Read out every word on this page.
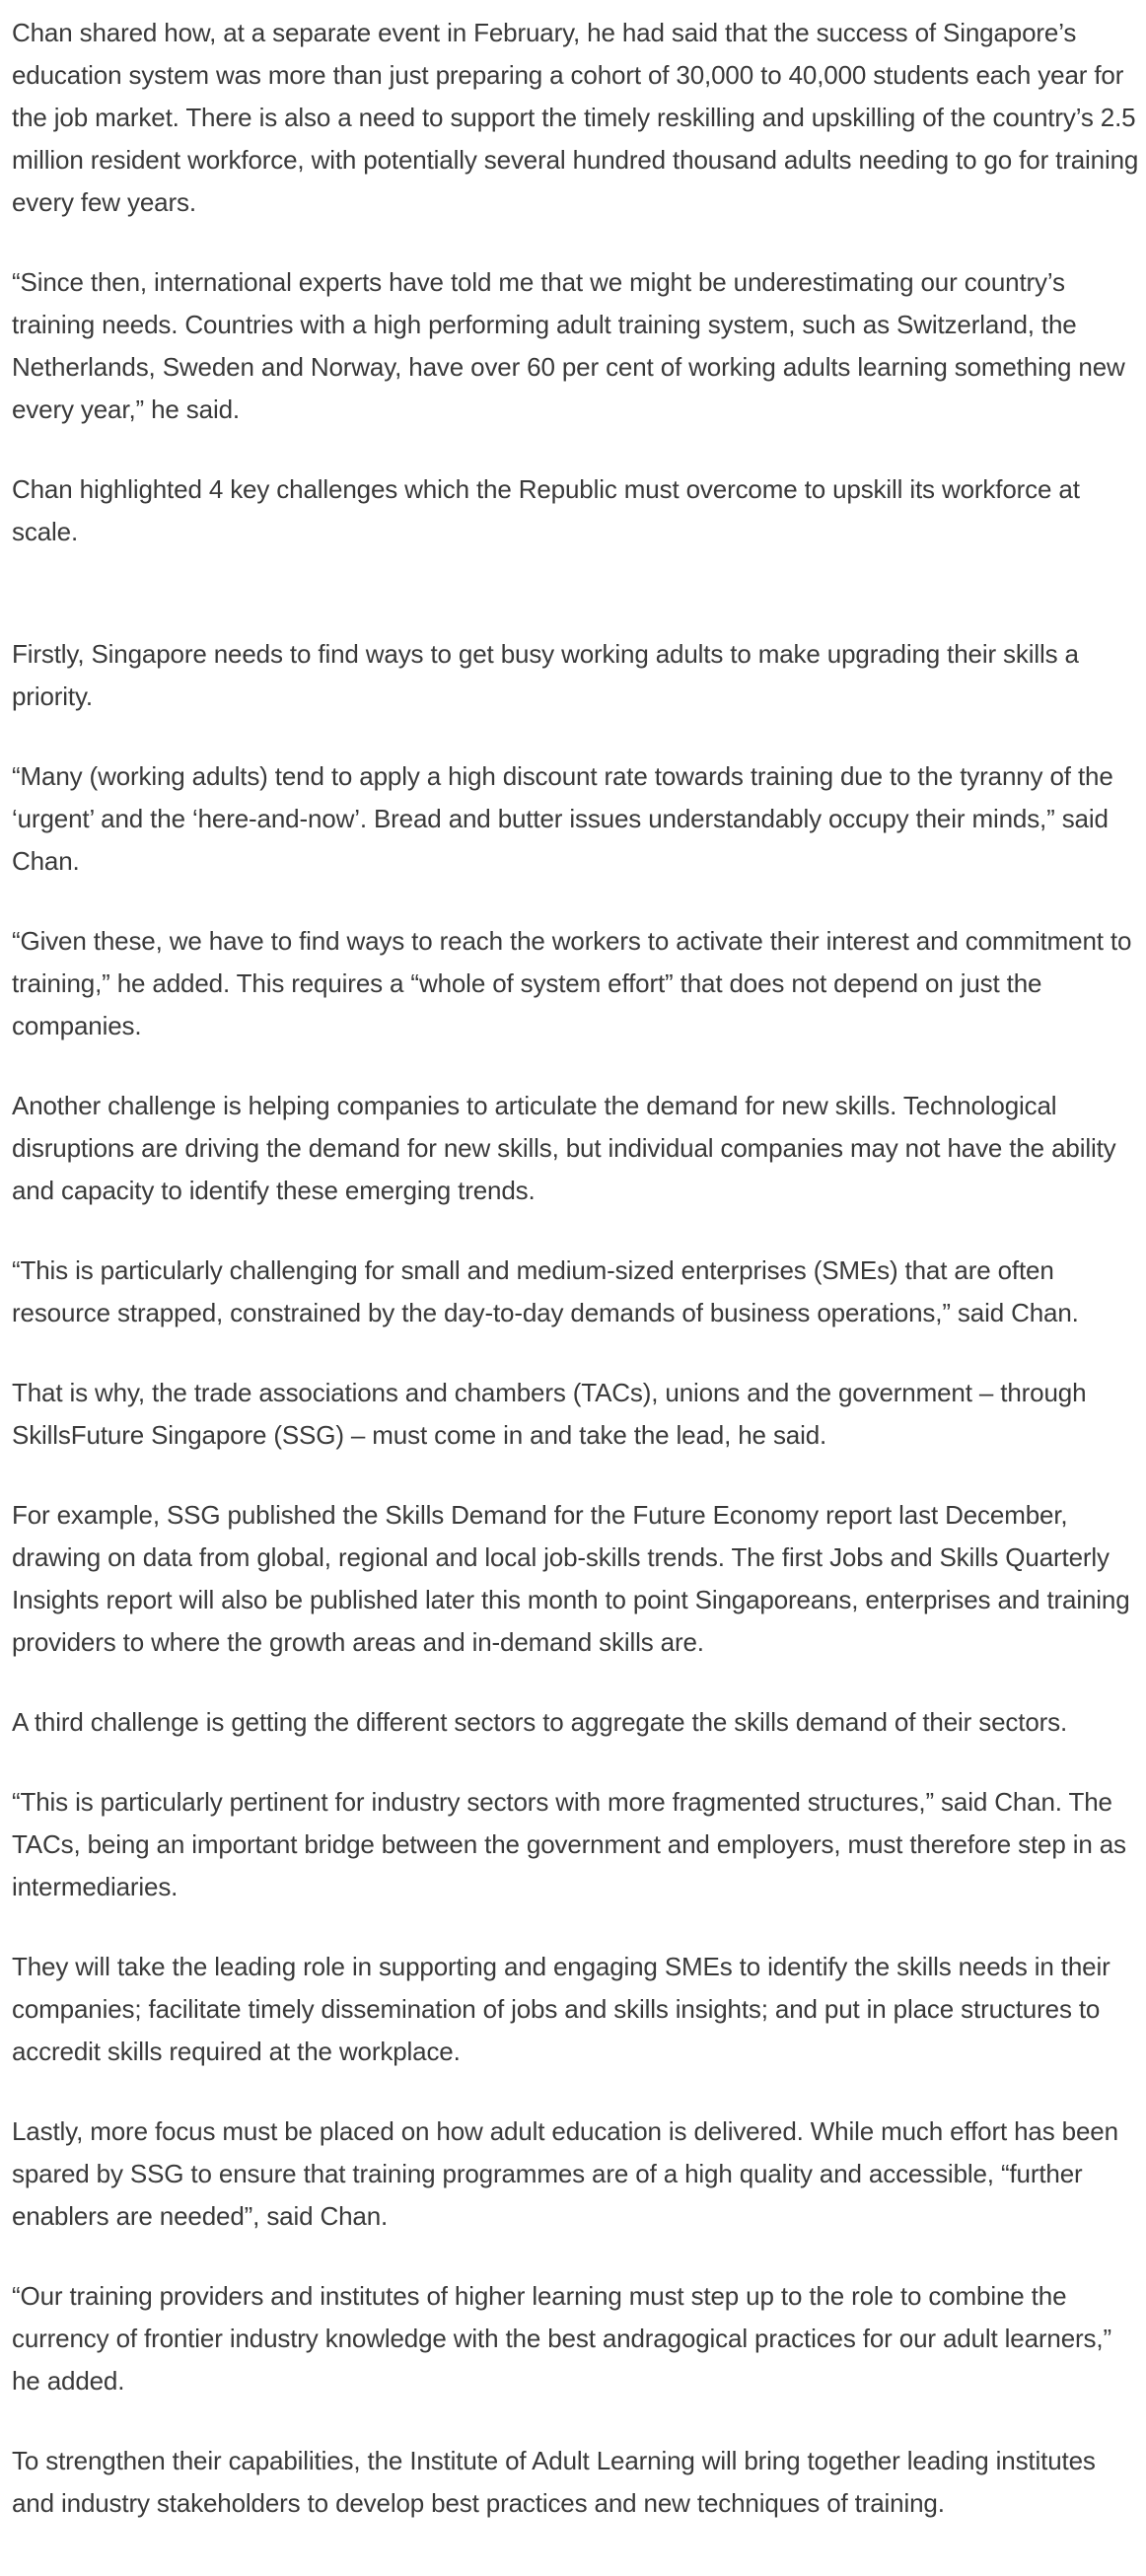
Chan shared how, at a separate event in February, he had said that the success of Singapore’s education system was more than just preparing a cohort of 30,000 to 40,000 students each year for the job market. There is also a need to support the timely reskilling and upskilling of the country’s 2.5 million resident workforce, with potentially several hundred thousand adults needing to go for training every few years.

“Since then, international experts have told me that we might be underestimating our country’s training needs. Countries with a high performing adult training system, such as Switzerland, the Netherlands, Sweden and Norway, have over 60 per cent of working adults learning something new every year,” he said.

Chan highlighted 4 key challenges which the Republic must overcome to upskill its workforce at scale.

Firstly, Singapore needs to find ways to get busy working adults to make upgrading their skills a priority.

“Many (working adults) tend to apply a high discount rate towards training due to the tyranny of the ‘urgent’ and the ‘here-and-now’. Bread and butter issues understandably occupy their minds,” said Chan.

“Given these, we have to find ways to reach the workers to activate their interest and commitment to training,” he added. This requires a “whole of system effort” that does not depend on just the companies.

Another challenge is helping companies to articulate the demand for new skills. Technological disruptions are driving the demand for new skills, but individual companies may not have the ability and capacity to identify these emerging trends.

“This is particularly challenging for small and medium-sized enterprises (SMEs) that are often resource strapped, constrained by the day-to-day demands of business operations,” said Chan.

That is why, the trade associations and chambers (TACs), unions and the government – through SkillsFuture Singapore (SSG) – must come in and take the lead, he said.

For example, SSG published the Skills Demand for the Future Economy report last December, drawing on data from global, regional and local job-skills trends. The first Jobs and Skills Quarterly Insights report will also be published later this month to point Singaporeans, enterprises and training providers to where the growth areas and in-demand skills are.

A third challenge is getting the different sectors to aggregate the skills demand of their sectors.

“This is particularly pertinent for industry sectors with more fragmented structures,” said Chan. The TACs, being an important bridge between the government and employers, must therefore step in as intermediaries.

They will take the leading role in supporting and engaging SMEs to identify the skills needs in their companies; facilitate timely dissemination of jobs and skills insights; and put in place structures to accredit skills required at the workplace.

Lastly, more focus must be placed on how adult education is delivered. While much effort has been spared by SSG to ensure that training programmes are of a high quality and accessible, “further enablers are needed”, said Chan.

“Our training providers and institutes of higher learning must step up to the role to combine the currency of frontier industry knowledge with the best andragogical practices for our adult learners,” he added.

To strengthen their capabilities, the Institute of Adult Learning will bring together leading institutes and industry stakeholders to develop best practices and new techniques of training.
